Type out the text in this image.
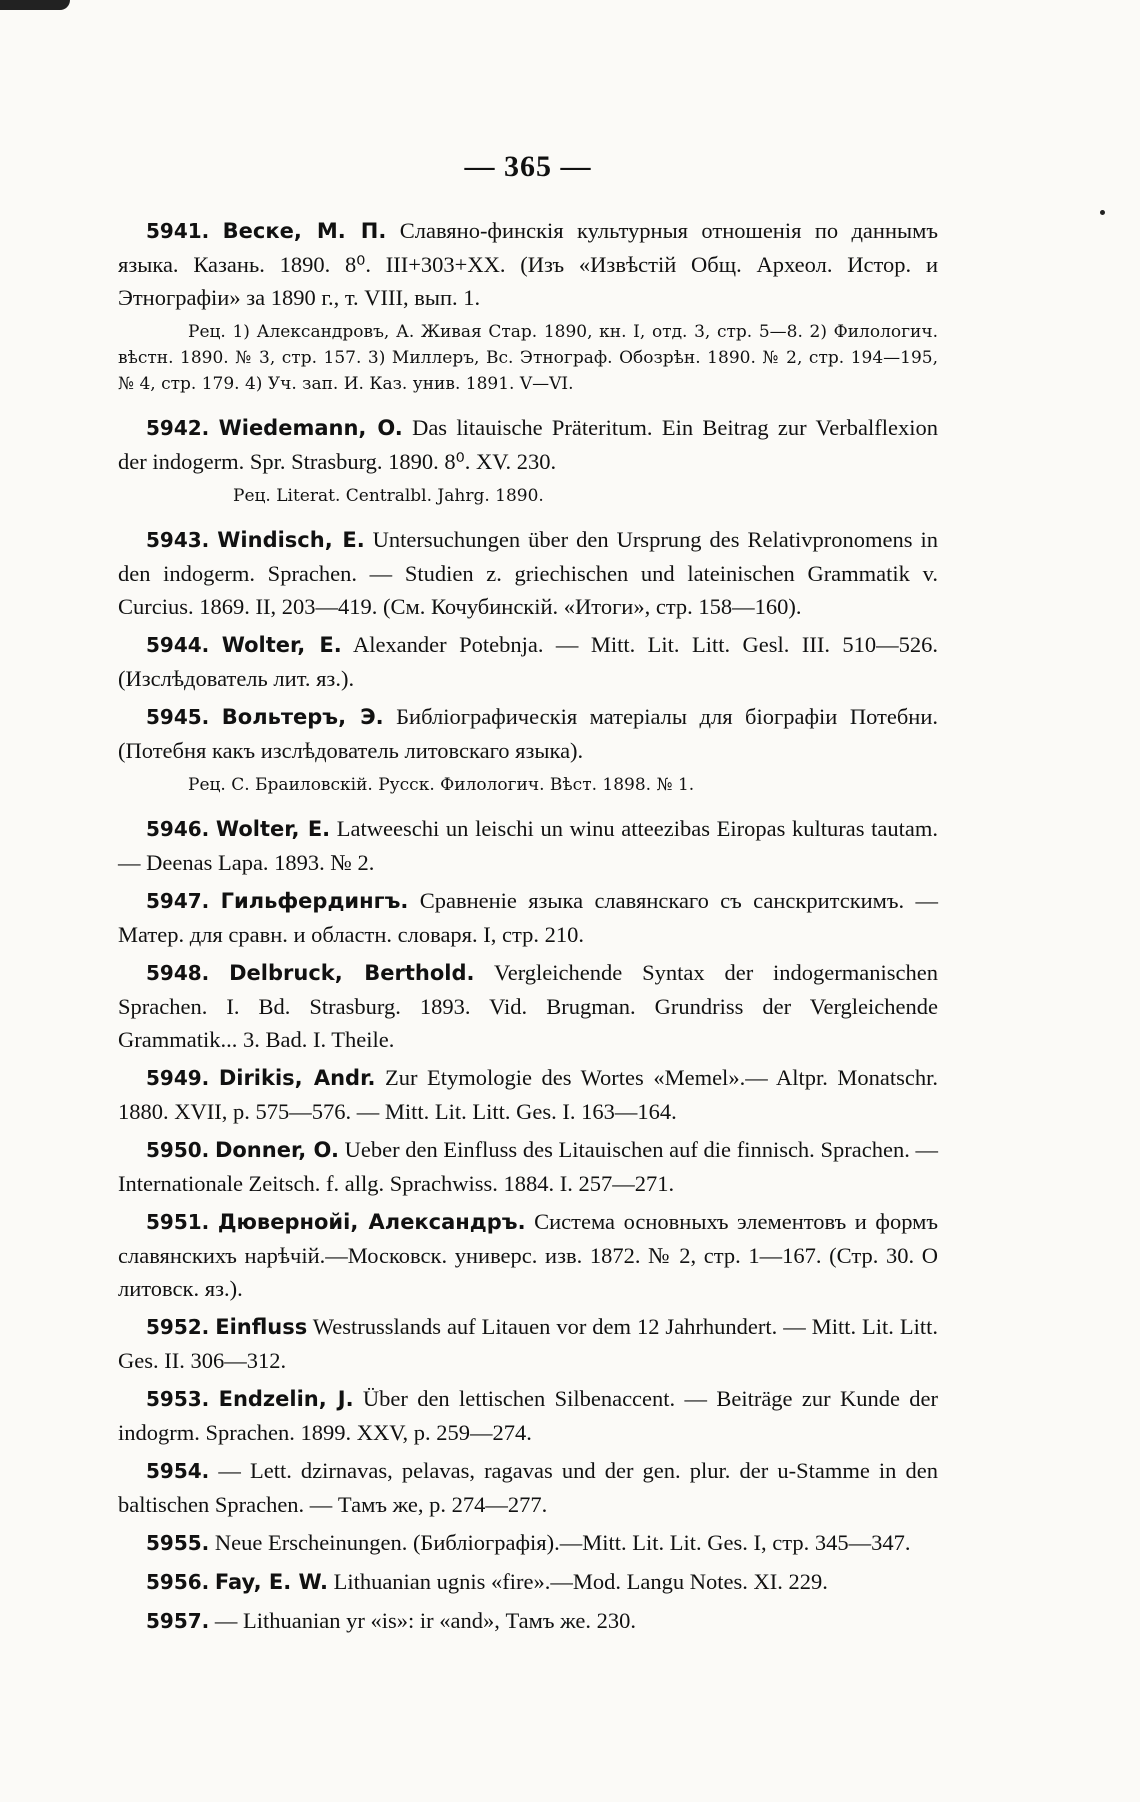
— 365 —
5941. Веске, М. П. Славяно-финскія культурныя отношенія по даннымъ языка. Казань. 1890. 8⁰. III+303+XX. (Изъ «Извѣстій Общ. Археол. Истор. и Этнографіи» за 1890 г., т. VIII, вып. 1.
Рец. 1) Александровъ, А. Живая Стар. 1890, кн. I, отд. 3, стр. 5—8. 2) Филологич. вѣстн. 1890. № 3, стр. 157. 3) Миллеръ, Вс. Этнограф. Обозрѣн. 1890. № 2, стр. 194—195, № 4, стр. 179. 4) Уч. зап. И. Каз. унив. 1891. V—VI.
5942. Wiedemann, O. Das litauische Präteritum. Ein Beitrag zur Verbalflexion der indogerm. Spr. Strasburg. 1890. 8⁰. XV. 230.
Рец. Literat. Centralbl. Jahrg. 1890.
5943. Windisch, E. Untersuchungen über den Ursprung des Relativpronomens in den indogerm. Sprachen. — Studien z. griechischen und lateinischen Grammatik v. Curcius. 1869. II, 203—419. (См. Кочубинскій. «Итоги», стр. 158—160).
5944. Wolter, E. Alexander Potebnja. — Mitt. Lit. Litt. Gesl. III. 510—526. (Изслѣдователь лит. яз.).
5945. Вольтеръ, Э. Библіографическія матеріалы для біографіи Потебни. (Потебня какъ изслѣдователь литовскаго языка).
Рец. С. Браиловскій. Русск. Филологич. Вѣст. 1898. № 1.
5946. Wolter, E. Latweeschi un leischi un winu atteezibas Eiropas kulturas tautam. — Deenas Lapa. 1893. № 2.
5947. Гильфердингъ. Сравненіе языка славянскаго съ санскритскимъ. — Матер. для сравн. и областн. словаря. I, стр. 210.
5948. Delbruck, Berthold. Vergleichende Syntax der indogermanischen Sprachen. I. Bd. Strasburg. 1893. Vid. Brugman. Grundriss der Vergleichende Grammatik... 3. Bad. I. Theile.
5949. Dirikis, Andr. Zur Etymologie des Wortes «Memel».— Altpr. Monatschr. 1880. XVII, p. 575—576. — Mitt. Lit. Litt. Ges. I. 163—164.
5950. Donner, O. Ueber den Einfluss des Litauischen auf die finnisch. Sprachen. — Internationale Zeitsch. f. allg. Sprachwiss. 1884. I. 257—271.
5951. Дювернойі, Александръ. Система основныхъ элементовъ и формъ славянскихъ нарѣчій.—Московск. универс. изв. 1872. № 2, стр. 1—167. (Стр. 30. О литовск. яз.).
5952. Einfluss Westrusslands auf Litauen vor dem 12 Jahrhundert. — Mitt. Lit. Litt. Ges. II. 306—312.
5953. Endzelin, J. Über den lettischen Silbenaccent. — Beiträge zur Kunde der indogrm. Sprachen. 1899. XXV, p. 259—274.
5954. — Lett. dzirnavas, pelavas, ragavas und der gen. plur. der u-Stamme in den baltischen Sprachen. — Тамъ же, р. 274—277.
5955. Neue Erscheinungen. (Библіографія).—Mitt. Lit. Lit. Ges. I, стр. 345—347.
5956. Fay, E. W. Lithuanian ugnis «fire».—Mod. Langu Notes. XI. 229.
5957. — Lithuanian yr «is»: ir «and», Тамъ же. 230.
